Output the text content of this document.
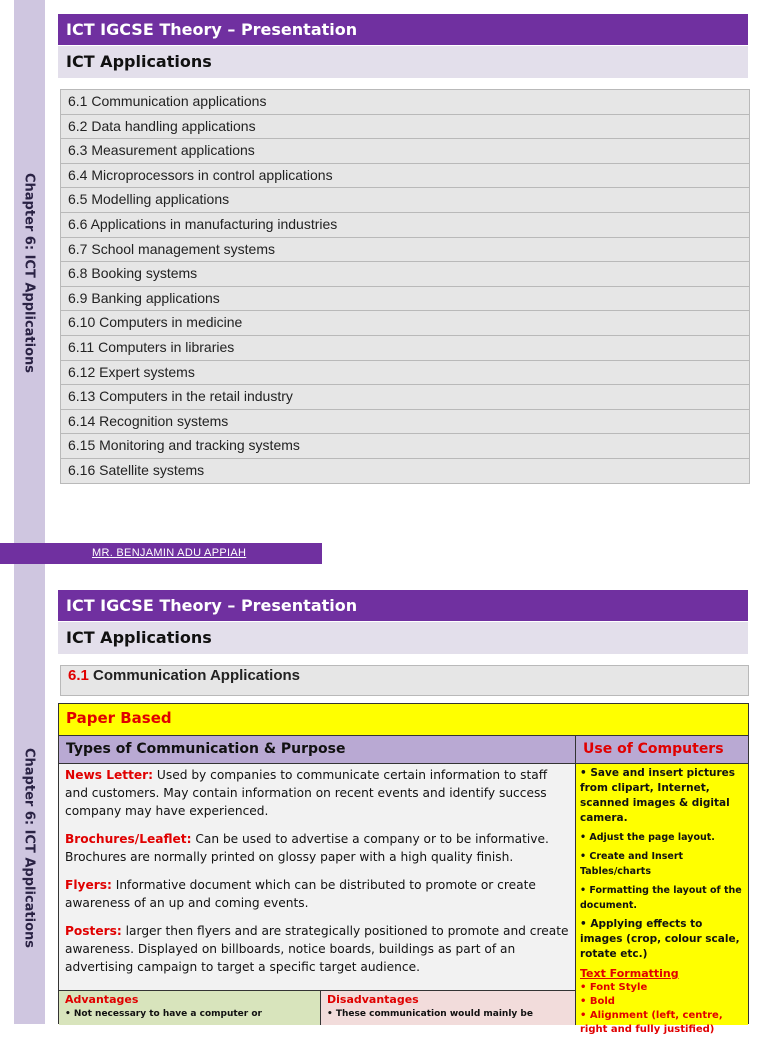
Chapter 6: ICT Applications
ICT IGCSE Theory – Presentation
ICT Applications
6.1 Communication applications
6.2 Data handling applications
6.3 Measurement applications
6.4 Microprocessors in control applications
6.5 Modelling applications
6.6 Applications in manufacturing industries
6.7 School management systems
6.8 Booking systems
6.9 Banking applications
6.10 Computers in medicine
6.11 Computers in libraries
6.12 Expert systems
6.13 Computers in the retail industry
6.14 Recognition systems
6.15 Monitoring and tracking systems
6.16 Satellite systems
MR. BENJAMIN ADU APPIAH
Chapter 6: ICT Applications
ICT IGCSE Theory – Presentation
ICT Applications
6.1 Communication Applications
Paper Based
Types of Communication & Purpose	Use of Computers

News Letter: Used by companies to communicate certain information to staff and customers. May contain information on recent events and identify success company may have experienced.

Brochures/Leaflet: Can be used to advertise a company or to be informative. Brochures are normally printed on glossy paper with a high quality finish.

Flyers: Informative document which can be distributed to promote or create awareness of an up and coming events.

Posters: larger then flyers and are strategically positioned to promote and create awareness. Displayed on billboards, notice boards, buildings as part of an advertising campaign to target a specific target audience.

• Save and insert pictures from clipart, Internet, scanned images & digital camera.
• Adjust the page layout.
• Create and Insert Tables/charts
• Formatting the layout of the document.
• Applying effects to images (crop, colour scale, rotate etc.)
Text Formatting
• Font Style
• Bold
• Alignment (left, centre, right and fully justified)
Advantages
• Not necessary to have a computer or
Disadvantages
• These communication would mainly be
